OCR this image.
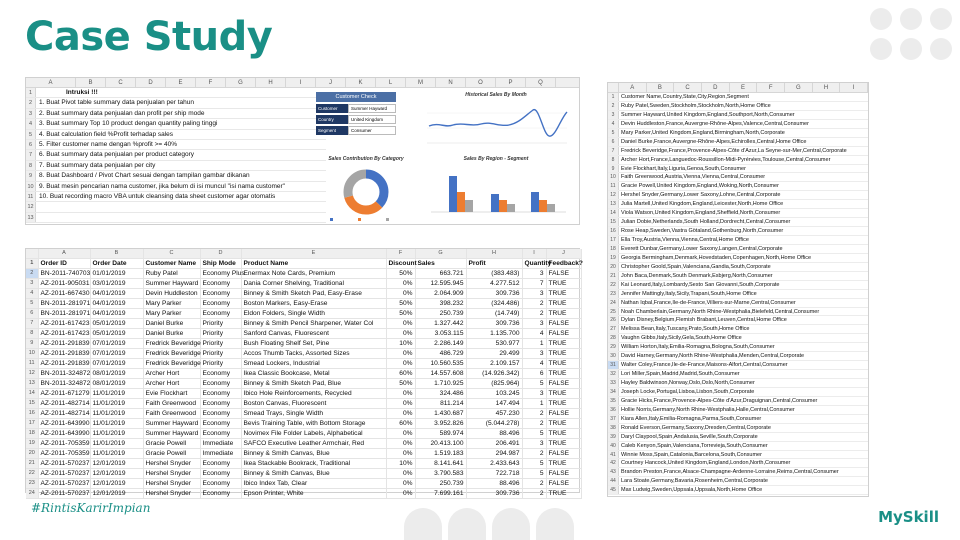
Case Study
A	B	C	D	E	F	G	H	I	J	K	L	M	N	O	P	Q
1	Intruksi !!!
2	1. Buat Pivot table summary data penjualan per tahun
3	2. Buat summary data penjualan dan profit per ship mode
4	3. Buat summary Top 10 product dengan quantity paling tinggi
5	4. Buat calculation field %Profit terhadap sales
6	5. Filter customer name dengan %profit >= 40%
7	6. Buat summary data penjualan per product category
8	7. Buat summary data penjualan per city
9	8. Buat Dashboard / Pivot Chart sesuai dengan tampilan gambar dikanan
10 9. Buat mesin pencarian nama customer, jika belum di isi muncul "isi nama customer"
11 10. Buat recording macro VBA untuk cleansing data sheet customer agar otomatis
12
13
Customer Check
Customer	Summer Hayward
Country	United Kingdom
Segment	Consumer
Historical Sales By Month
Sales Contribution By Category	Sales By Region - Segment
	A	B	C	D	E	F	G	H	I	J
1	Order ID	Order Date	Customer Name	Ship Mode	Product Name	Discount	Sales	Profit	Quantity	Feedback?
2	BN-2011-740703	01/01/2019	Ruby Patel	Economy Plus	Enermax Note Cards, Premium	50%	663.721	(383.483)	3	FALSE
3	AZ-2011-905031	03/01/2019	Summer Hayward	Economy	Dania Corner Shelving, Traditional	0%	12.595.945	4.277.512	7	TRUE
4	AZ-2011-667430	04/01/2019	Devin Huddleston	Economy	Binney & Smith Sketch Pad, Easy-Erase	0%	2.064.909	309.736	3	TRUE
5	BN-2011-281971	04/01/2019	Mary Parker	Economy	Boston Markers, Easy-Erase	50%	398.232	(324.486)	2	TRUE
6	BN-2011-281971	04/01/2019	Mary Parker	Economy	Eldon Folders, Single Width	50%	250.739	(14.749)	2	TRUE
7	AZ-2011-617423	05/01/2019	Daniel Burke	Priority	Binney & Smith Pencil Sharpener, Water Col	0%	1.327.442	309.736	3	FALSE
8	AZ-2011-617423	05/01/2019	Daniel Burke	Priority	Sanford Canvas, Fluorescent	0%	3.053.115	1.135.700	4	FALSE
9	AZ-2011-291839	07/01/2019	Fredrick Beveridge	Priority	Bush Floating Shelf Set, Pine	10%	2.286.149	530.977	1	TRUE
10	AZ-2011-291839	07/01/2019	Fredrick Beveridge	Priority	Accos Thumb Tacks, Assorted Sizes	0%	486.729	29.499	3	TRUE
11	AZ-2011-291839	07/01/2019	Fredrick Beveridge	Priority	Smead Lockers, Industrial	0%	10.560.535	2.109.157	4	TRUE
12	BN-2011-324872	08/01/2019	Archer Hort	Economy	Ikea Classic Bookcase, Metal	60%	14.557.608	(14.926.342)	6	TRUE
13	BN-2011-324872	08/01/2019	Archer Hort	Economy	Binney & Smith Sketch Pad, Blue	50%	1.710.925	(825.964)	5	FALSE
14	AZ-2011-671279	11/01/2019	Evie Flockhart	Economy	Ibico Hole Reinforcements, Recycled	0%	324.486	103.245	3	TRUE
15	AZ-2011-482714	11/01/2019	Faith Greenwood	Economy	Boston Canvas, Fluorescent	0%	811.214	147.494	1	TRUE
16	AZ-2011-482714	11/01/2019	Faith Greenwood	Economy	Smead Trays, Single Width	0%	1.430.687	457.230	2	FALSE
17	AZ-2011-643990	11/01/2019	Summer Hayward	Economy	Bevis Training Table, with Bottom Storage	60%	3.952.826	(5.044.278)	2	TRUE
18	AZ-2011-643990	11/01/2019	Summer Hayward	Economy	Novimex File Folder Labels, Alphabetical	0%	589.974	88.496	5	TRUE
19	AZ-2011-705359	11/01/2019	Gracie Powell	Immediate	SAFCO Executive Leather Armchair, Red	0%	20.413.100	206.491	3	TRUE
20	AZ-2011-705359	11/01/2019	Gracie Powell	Immediate	Binney & Smith Canvas, Blue	0%	1.519.183	294.987	2	FALSE
21	AZ-2011-570237	12/01/2019	Hershel Snyder	Economy	Ikea Stackable Bookrack, Traditional	10%	8.141.641	2.433.643	5	TRUE
22	AZ-2011-570237	12/01/2019	Hershel Snyder	Economy	Binney & Smith Canvas, Blue	0%	3.790.583	722.718	5	FALSE
23	AZ-2011-570237	12/01/2019	Hershel Snyder	Economy	Ibico Index Tab, Clear	0%	250.739	88.496	2	FALSE
24	AZ-2011-570237	12/01/2019	Hershel Snyder	Economy	Epson Printer, White	0%	7.699.161	309.736	2	TRUE
A	B	C	D	E	F	G	H	I
1	Customer Name,Country,State,City,Region,Segment
2	Ruby Patel,Sweden,Stockholm,Stockholm,North,Home Office
3	Summer Hayward,United Kingdom,England,Southport,North,Consumer
4	Devin Huddleston,France,Auvergne-Rhône-Alpes,Valence,Central,Consumer
5	Mary Parker,United Kingdom,England,Birmingham,North,Corporate
6	Daniel Burke,France,Auvergne-Rhône-Alpes,Echirolles,Central,Home Office
7	Fredrick Beveridge,France,Provence-Alpes-Côte d'Azur,La Seyne-sur-Mer,Central,Corporate
8	Archer Hort,France,Languedoc-Roussillon-Midi-Pyrénées,Toulouse,Central,Consumer
9	Evie Flockhart,Italy,Liguria,Genoa,South,Consumer
10 Faith Greenwood,Austria,Vienna,Vienna,Central,Consumer
11 Gracie Powell,United Kingdom,England,Woking,North,Consumer
12 Hershel Snyder,Germany,Lower Saxony,Lohne,Central,Corporate
13 Julia Martell,United Kingdom,England,Leicester,North,Home Office
14 Viola Watson,United Kingdom,England,Sheffield,North,Consumer
15 Julian Dobie,Netherlands,South Holland,Dordrecht,Central,Consumer
16 Rose Heap,Sweden,Vastra Götaland,Gothenburg,North,Consumer
17 Ella Troy,Austria,Vienna,Vienna,Central,Home Office
18 Everett Dunbar,Germany,Lower Saxony,Langen,Central,Corporate
19 Georgia Bermingham,Denmark,Hovedstaden,Copenhagen,North,Home Office
20 Christopher Goold,Spain,Valenciana,Gandia,South,Corporate
21 John Baca,Denmark,South Denmark,Esbjerg,North,Consumer
22 Kai Leonard,Italy,Lombardy,Sesto San Giovanni,South,Corporate
23 Jennifer Mattingly,Italy,Sicily,Trapani,South,Home Office
24 Nathan Iqbal,France,Ile-de-France,Villiers-sur-Marne,Central,Consumer
25 Noah Chamberlain,Germany,North Rhine-Westphalia,Bielefeld,Central,Consumer
26 Dylan Disney,Belgium,Flemish Brabant,Leuven,Central,Home Office
27 Melissa Bean,Italy,Tuscany,Prato,South,Home Office
28 Vaughn Gibbs,Italy,Sicily,Gela,South,Home Office
29 William Horton,Italy,Emilia-Romagna,Bologna,South,Consumer
30 David Harney,Germany,North Rhine-Westphalia,Menden,Central,Corporate
31 Walter Coley,France,Ile-de-France,Maisons-Alfort,Central,Consumer
32 Lori Miller,Spain,Madrid,Madrid,South,Consumer
33 Hayley Baldwinson,Norway,Oslo,Oslo,North,Consumer
34 Joseph Locke,Portugal,Lisboa,Lisbon,South,Corporate
35 Gracie Hicks,France,Provence-Alpes-Côte d'Azur,Draguignan,Central,Consumer
36 Hollie Norris,Germany,North Rhine-Westphalia,Halle,Central,Consumer
37 Kiara Allen,Italy,Emilia-Romagna,Parma,South,Consumer
38 Ronald Everson,Germany,Saxony,Dresden,Central,Corporate
39 Daryl Claypool,Spain,Andalusia,Seville,South,Corporate
40 Caleb Kenyon,Spain,Valenciana,Torrevieja,South,Consumer
41 Winnie Moss,Spain,Catalonia,Barcelona,South,Consumer
42 Courtney Hancock,United Kingdom,England,London,North,Consumer
43 Brandon Preston,France,Alsace-Champagne-Ardenne-Lorraine,Reims,Central,Consumer
44 Lara Stoate,Germany,Bavaria,Rosenheim,Central,Corporate
45 Max Ludwig,Sweden,Uppsala,Uppsala,North,Home Office
#RintisKarirImpian	MySkill
